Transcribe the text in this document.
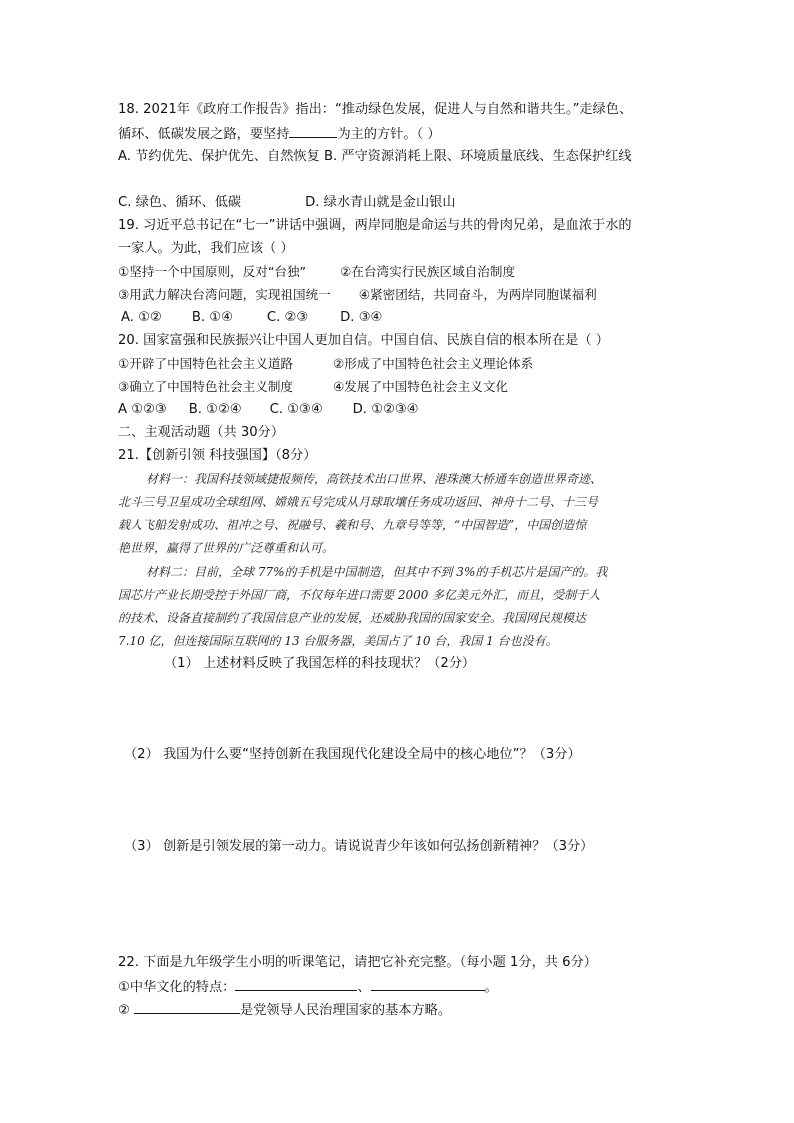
18. 2021年《政府工作报告》指出：“推动绿色发展，促进人与自然和谐共生。”走绿色、
循环、低碳发展之路，要坚持	为主的方针。（ ）
A. 节约优先、保护优先、自然恢复 B. 严守资源消耗上限、环境质量底线、生态保护红线
C. 绿色、循环、低碳	D. 绿水青山就是金山银山
19. 习近平总书记在“七一”讲话中强调，两岸同胞是命运与共的骨肉兄弟，是血浓于水的
一家人。为此，我们应该（ ）
①坚持一个中国原则，反对“台独”	②在台湾实行民族区域自治制度
③用武力解决台湾问题，实现祖国统一 ④紧密团结，共同奋斗，为两岸同胞谋福利
A. ①② B. ①④	C. ②③ D. ③④
20. 国家富强和民族振兴让中国人更加自信。中国自信、民族自信的根本所在是（ ）
①开辟了中国特色社会主义道路	②形成了中国特色社会主义理论体系
③确立了中国特色社会主义制度	④发展了中国特色社会主义文化
A ①②③ B. ①②④ C. ①③④ D. ①②③④
二、主观活动题（共 30分）
21.【创新引领 科技强国】（8分）
材料一：我国科技领域捷报频传，高铁技术出口世界、港珠澳大桥通车创造世界奇迹、
北斗三号卫星成功全球组网、嫦娥五号完成从月球取壤任务成功返回、神舟十二号、十三号
载人飞船发射成功、祖冲之号、祝融号、羲和号、九章号等等，“中国智造”，中国创造惊
艳世界，赢得了世界的广泛尊重和认可。
材料二：目前，全球 77%的手机是中国制造，但其中不到 3%的手机芯片是国产的。我
国芯片产业长期受控于外国厂商，不仅每年进口需要 2000 多亿美元外汇，而且，受制于人
的技术、设备直接制约了我国信息产业的发展，还威胁我国的国家安全。我国网民规模达
7.10 亿，但连接国际互联网的 13 台服务器，美国占了 10 台，我国 1 台也没有。
（1） 上述材料反映了我国怎样的科技现状？（2分）
（2） 我国为什么要“坚持创新在我国现代化建设全局中的核心地位”？（3分）
（3） 创新是引领发展的第一动力。请说说青少年该如何弘扬创新精神？（3分）
22. 下面是九年级学生小明的听课笔记，请把它补充完整。（每小题 1分，共 6分）
①中华文化的特点：	、	。
②	是党领导人民治理国家的基本方略。
